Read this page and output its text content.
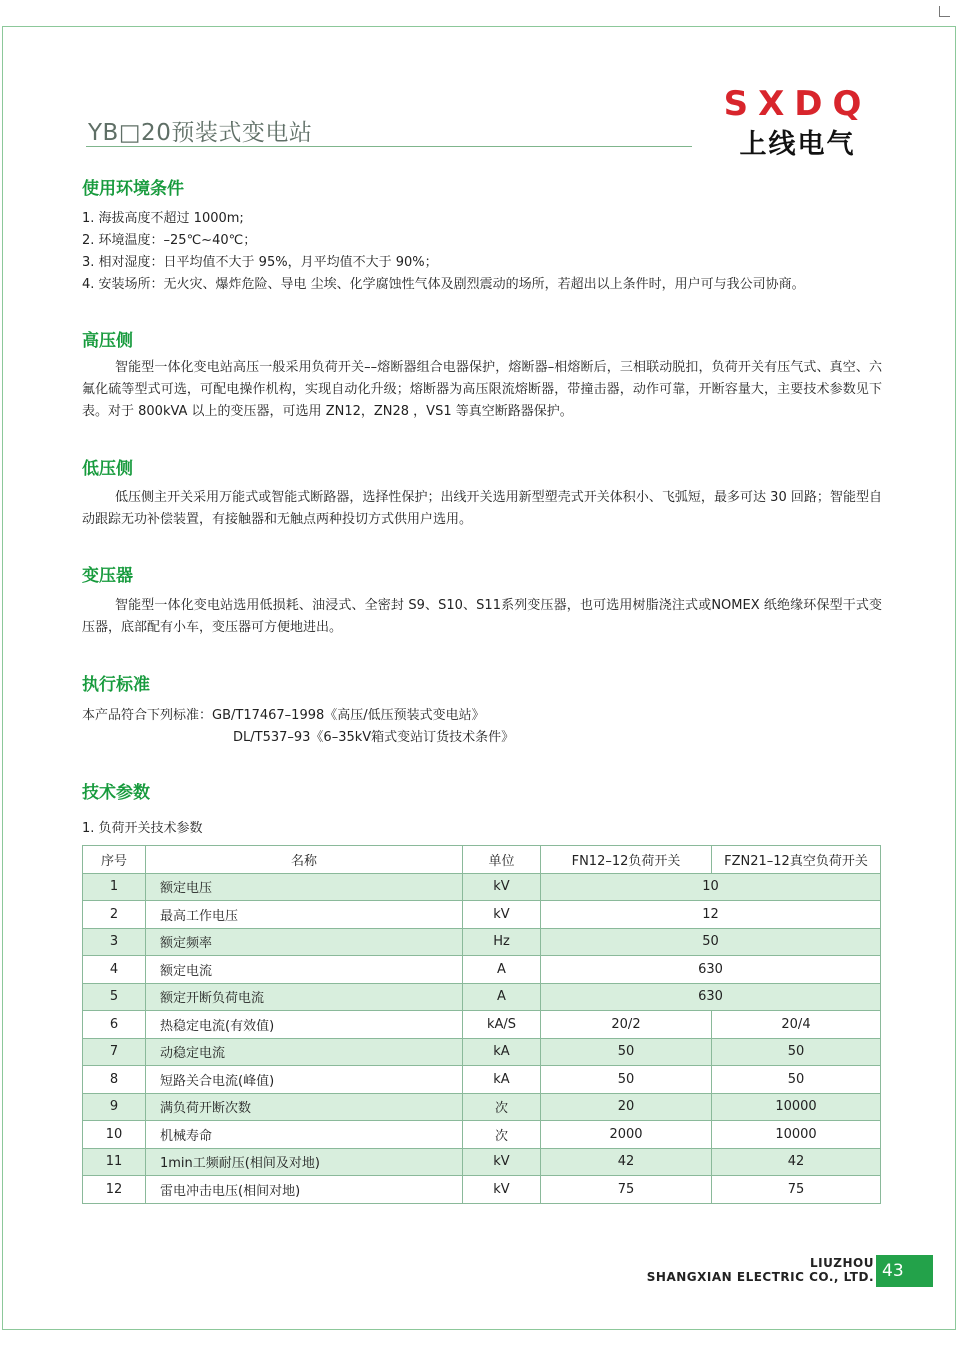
YB□20预装式变电站
SXDQ
上线电气
使用环境条件
1. 海拔高度不超过 1000m;
2. 环境温度：–25℃~40℃；
3. 相对湿度：日平均值不大于 95%，月平均值不大于 90%；
4. 安装场所：无火灾、爆炸危险、导电 尘埃、化学腐蚀性气体及剧烈震动的场所，若超出以上条件时，用户可与我公司协商。
高压侧
智能型一体化变电站高压一般采用负荷开关––熔断器组合电器保护，熔断器–相熔断后，三相联动脱扣，负荷开关有压气式、真空、六氟化硫等型式可选，可配电操作机构，实现自动化升级；熔断器为高压限流熔断器，带撞击器，动作可靠，开断容量大，主要技术参数见下表。对于 800kVA 以上的变压器，可选用 ZN12，ZN28 ，VS1 等真空断路器保护。
低压侧
低压侧主开关采用万能式或智能式断路器，选择性保护；出线开关选用新型塑壳式开关体积小、飞弧短，最多可达 30 回路；智能型自动跟踪无功补偿装置，有接触器和无触点两种投切方式供用户选用。
变压器
智能型一体化变电站选用低损耗、油浸式、全密封 S9、S10、S11系列变压器，也可选用树脂浇注式或NOMEX 纸绝缘环保型干式变压器，底部配有小车，变压器可方便地进出。
执行标准
本产品符合下列标准：GB/T17467–1998《高压/低压预装式变电站》
DL/T537–93《6–35kV箱式变站订货技术条件》
技术参数
1. 负荷开关技术参数
序号	名称	单位	FN12–12负荷开关	FZN21–12真空负荷开关
1	额定电压	kV	10	
2	最高工作电压	kV	12	
3	额定频率	Hz	50	
4	额定电流	A	630	
5	额定开断负荷电流	A	630	
6	热稳定电流(有效值)	kA/S	20/2	20/4
7	动稳定电流	kA	50	50
8	短路关合电流(峰值)	kA	50	50
9	满负荷开断次数	次	20	10000
10	机械寿命	次	2000	10000
11	1min工频耐压(相间及对地)	kV	42	42
12	雷电冲击电压(相间对地)	kV	75	75
LIUZHOU
SHANGXIAN ELECTRIC CO., LTD. 43
